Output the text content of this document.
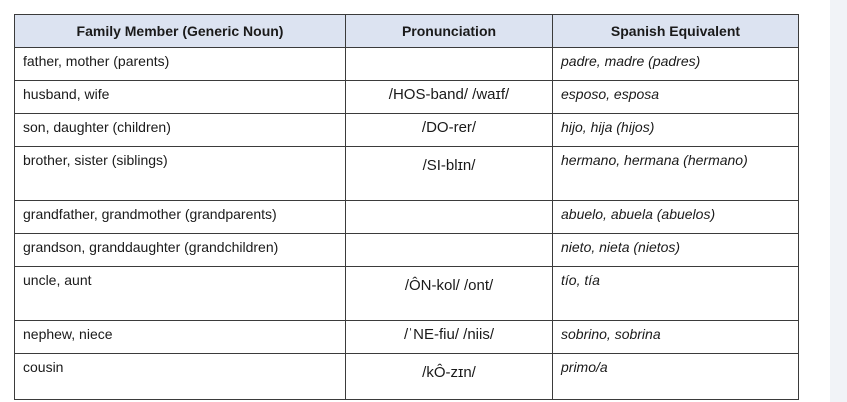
Family Member (Generic Noun)	Pronunciation	Spanish Equivalent
father, mother (parents)		padre, madre (padres)
husband, wife	/HOS-band/ /waɪf/	esposo, esposa
son, daughter (children)	/DO-rer/	hijo, hija (hijos)
brother, sister (siblings)	/SI-blɪn/	hermano, hermana (hermano)
grandfather, grandmother (grandparents)		abuelo, abuela (abuelos)
grandson, granddaughter (grandchildren)		nieto, nieta (nietos)
uncle, aunt	/ÔN-kol/ /ont/	tío, tía
nephew, niece	/ˈNE-fiu/ /niis/	sobrino, sobrina
cousin	/kÔ-zɪn/	primo/a
